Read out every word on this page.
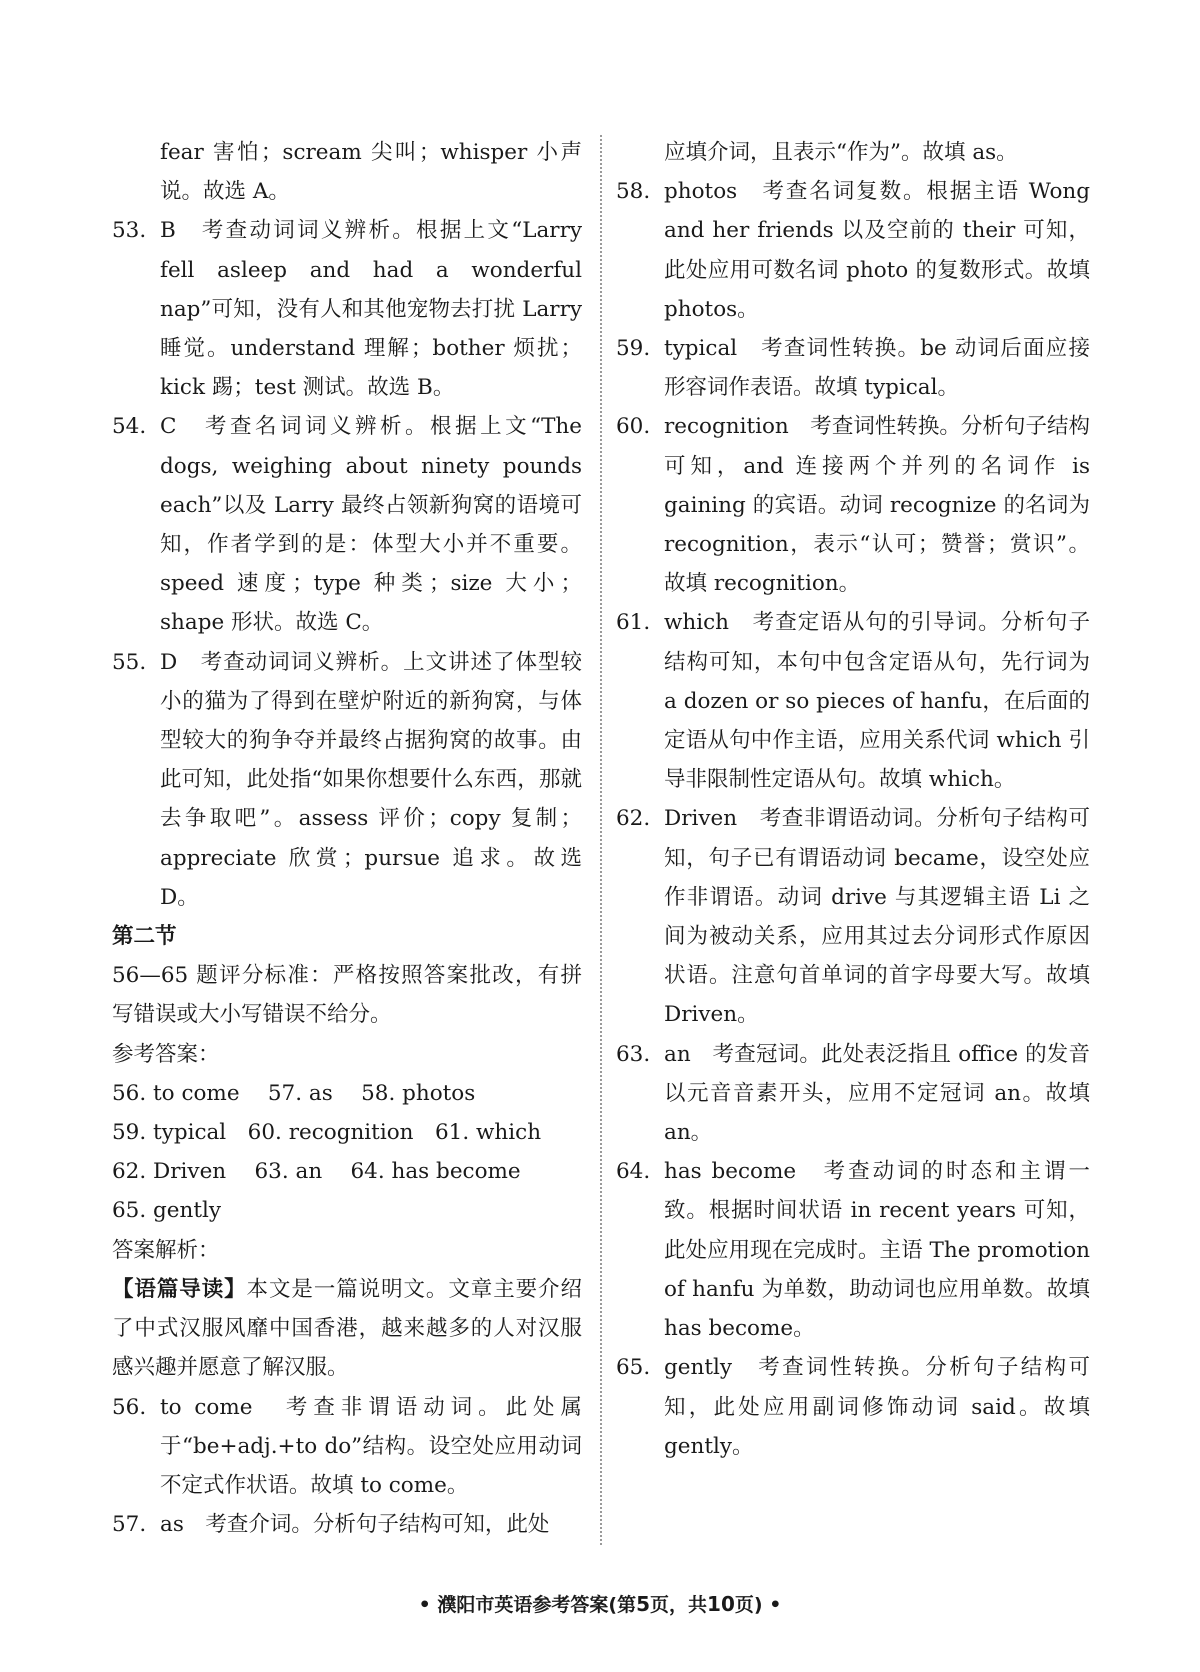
fear 害怕；scream 尖叫；whisper 小声说。故选 A。
53. B　考查动词词义辨析。根据上文“Larry fell asleep and had a wonderful nap”可知，没有人和其他宠物去打扰 Larry 睡觉。understand 理解；bother 烦扰；kick 踢；test 测试。故选 B。
54. C　考查名词词义辨析。根据上文“The dogs, weighing about ninety pounds each”以及 Larry 最终占领新狗窝的语境可知，作者学到的是：体型大小并不重要。speed 速度；type 种类；size 大小；shape 形状。故选 C。
55. D　考查动词词义辨析。上文讲述了体型较小的猫为了得到在壁炉附近的新狗窝，与体型较大的狗争夺并最终占据狗窝的故事。由此可知，此处指“如果你想要什么东西，那就去争取吧”。assess 评价；copy 复制；appreciate 欣赏；pursue 追求。故选 D。
第二节
56—65 题评分标准：严格按照答案批改，有拼写错误或大小写错误不给分。
参考答案：
56. to come　 57. as　 58. photos
59. typical　60. recognition　61. which
62. Driven　 63. an　 64. has become
65. gently
答案解析：
【语篇导读】本文是一篇说明文。文章主要介绍了中式汉服风靡中国香港，越来越多的人对汉服感兴趣并愿意了解汉服。
56. to come　考查非谓语动词。此处属于“be+adj.+to do”结构。设空处应用动词不定式作状语。故填 to come。
57. as　考查介词。分析句子结构可知，此处
应填介词，且表示“作为”。故填 as。
58. photos　考查名词复数。根据主语 Wong and her friends 以及空前的 their 可知，此处应用可数名词 photo 的复数形式。故填 photos。
59. typical　考查词性转换。be 动词后面应接形容词作表语。故填 typical。
60. recognition　考查词性转换。分析句子结构可知，and 连接两个并列的名词作 is gaining 的宾语。动词 recognize 的名词为 recognition，表示“认可；赞誉；赏识”。故填 recognition。
61. which　考查定语从句的引导词。分析句子结构可知，本句中包含定语从句，先行词为 a dozen or so pieces of hanfu，在后面的定语从句中作主语，应用关系代词 which 引导非限制性定语从句。故填 which。
62. Driven　考查非谓语动词。分析句子结构可知，句子已有谓语动词 became，设空处应作非谓语。动词 drive 与其逻辑主语 Li 之间为被动关系，应用其过去分词形式作原因状语。注意句首单词的首字母要大写。故填 Driven。
63. an　考查冠词。此处表泛指且 office 的发音以元音音素开头，应用不定冠词 an。故填 an。
64. has become　考查动词的时态和主谓一致。根据时间状语 in recent years 可知，此处应用现在完成时。主语 The promotion of hanfu 为单数，助动词也应用单数。故填 has become。
65. gently　考查词性转换。分析句子结构可知，此处应用副词修饰动词 said。故填 gently。
• 濮阳市英语参考答案(第5页，共10页) •
